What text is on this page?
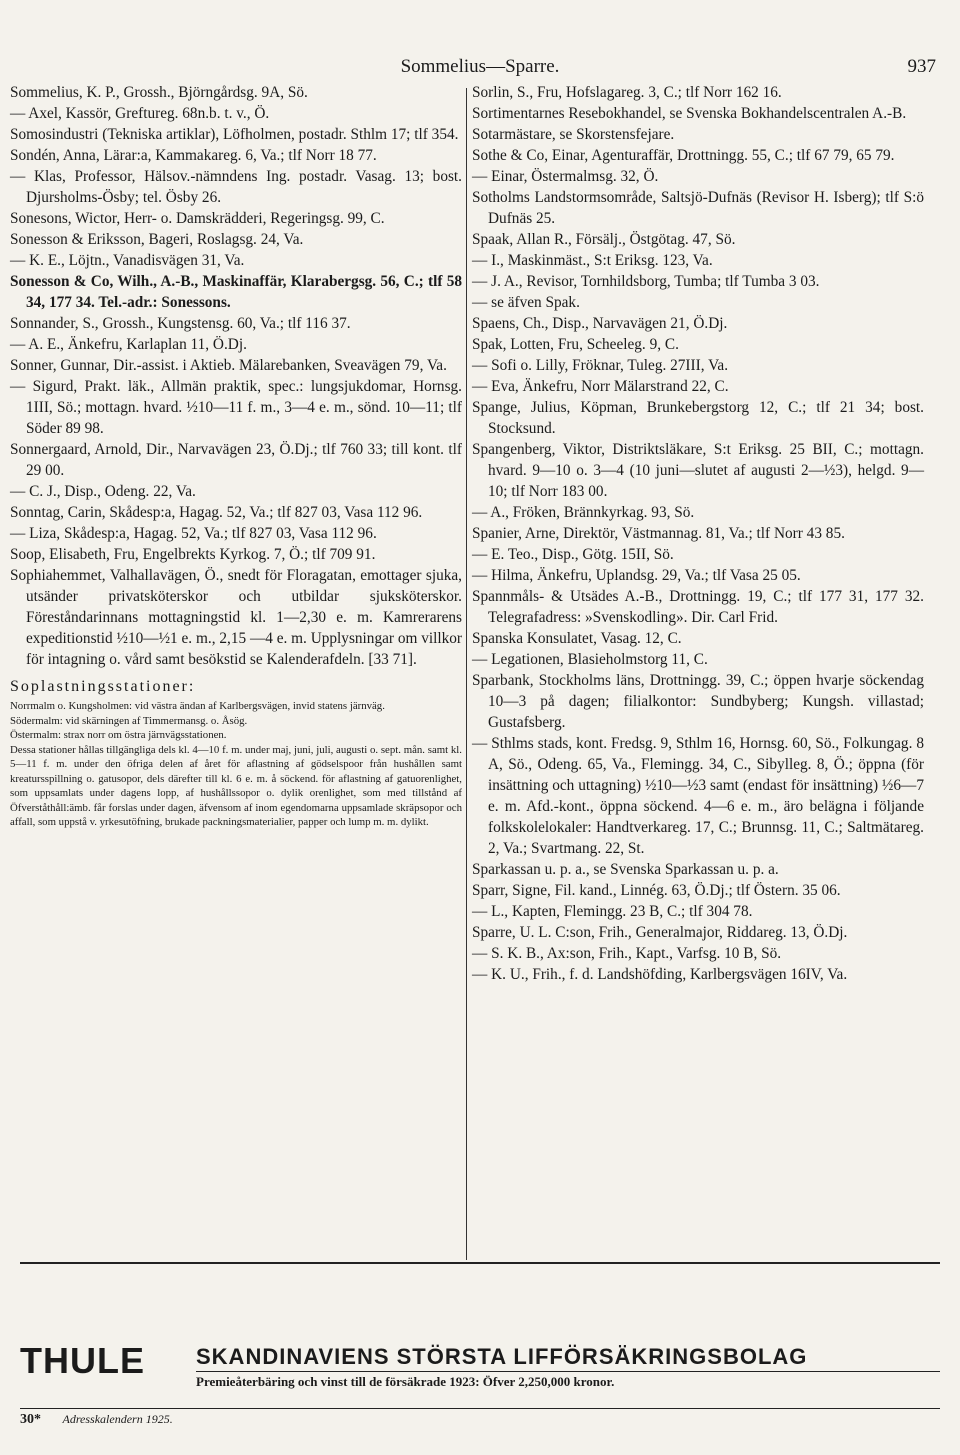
Sommelius—Sparre.	937

Sommelius, K. P., Grossh., Björngårdsg. 9A, Sö.

— Axel, Kassör, Greftureg. 68n.b. t. v., Ö.

Somosindustri (Tekniska artiklar), Löfholmen, postadr. Sthlm 17; tlf 354.

Sondén, Anna, Lärar:a, Kammakareg. 6, Va.; tlf Norr 18 77.

— Klas, Professor, Hälsov.-nämndens Ing. postadr. Vasag. 13; bost. Djursholms-Ösby; tel. Ösby 26.

Sonesons, Wictor, Herr- o. Damskrädderi, Regeringsg. 99, C.

Sonesson & Eriksson, Bageri, Roslagsg. 24, Va.

— K. E., Löjtn., Vanadisvägen 31, Va.

Sonesson & Co, Wilh., A.-B., Maskinaffär, Klarabergsg. 56, C.; tlf 58 34, 177 34. Tel.-adr.: Sonessons.

Sonnander, S., Grossh., Kungstensg. 60, Va.; tlf 116 37.

— A. E., Änkefru, Karlaplan 11, Ö.Dj.

Sonner, Gunnar, Dir.-assist. i Aktieb. Mälarebanken, Sveavägen 79, Va.

— Sigurd, Prakt. läk., Allmän praktik, spec.: lungsjukdomar, Hornsg. 1III, Sö.; mottagn. hvard. ½10—11 f. m., 3—4 e. m., sönd. 10—11; tlf Söder 89 98.

Sonnergaard, Arnold, Dir., Narvavägen 23, Ö.Dj.; tlf 760 33; till kont. tlf 29 00.

— C. J., Disp., Odeng. 22, Va.

Sonntag, Carin, Skådesp:a, Hagag. 52, Va.; tlf 827 03, Vasa 112 96.

— Liza, Skådesp:a, Hagag. 52, Va.; tlf 827 03, Vasa 112 96.

Soop, Elisabeth, Fru, Engelbrekts Kyrkog. 7, Ö.; tlf 709 91.

Sophiahemmet, Valhallavägen, Ö., snedt för Floragatan, emottager sjuka, utsänder privatsköterskor och utbildar sjuksköterskor. Föreståndarinnans mottagningstid kl. 1—2,30 e. m. Kamrerarens expeditionstid ½10—½1 e. m., 2,15 —4 e. m. Upplysningar om villkor för intagning o. vård samt besökstid se Kalenderafdeln. [33 71].

Soplastningsstationer:

Norrmalm o. Kungsholmen: vid västra ändan af Karlbergsvägen, invid statens järnväg.

Södermalm: vid skärningen af Timmermansg. o. Åsög.

Östermalm: strax norr om östra järnvägsstationen.

Dessa stationer hållas tillgängliga dels kl. 4—10 f. m. under maj, juni, juli, augusti o. sept. mån. samt kl. 5—11 f. m. under den öfriga delen af året för aflastning af gödselspoor från hushållen samt kreatursspillning o. gatusopor, dels därefter till kl. 6 e. m. å söckend. för aflastning af gatuorenlighet, som uppsamlats under dagens lopp, af hushållssopor o. dylik orenlighet, som med tillstånd af Öfverståthåll:ämb. får forslas under dagen, äfvensom af inom egendomarna uppsamlade skräpsopor och affall, som uppstå v. yrkesutöfning, brukade packningsmaterialier, papper och lump m. m. dylikt.

Sorlin, S., Fru, Hofslagareg. 3, C.; tlf Norr 162 16.

Sortimentarnes Resebokhandel, se Svenska Bokhandelscentralen A.-B.

Sotarmästare, se Skorstensfejare.

Sothe & Co, Einar, Agenturaffär, Drottningg. 55, C.; tlf 67 79, 65 79.

— Einar, Östermalmsg. 32, Ö.

Sotholms Landstormsområde, Saltsjö-Dufnäs (Revisor H. Isberg); tlf S:ö Dufnäs 25.

Spaak, Allan R., Försälj., Östgötag. 47, Sö.

— I., Maskinmäst., S:t Eriksg. 123, Va.

— J. A., Revisor, Tornhildsborg, Tumba; tlf Tumba 3 03.

— se äfven Spak.

Spaens, Ch., Disp., Narvavägen 21, Ö.Dj.

Spak, Lotten, Fru, Scheeleg. 9, C.

— Sofi o. Lilly, Fröknar, Tuleg. 27III, Va.

— Eva, Änkefru, Norr Mälarstrand 22, C.

Spange, Julius, Köpman, Brunkebergstorg 12, C.; tlf 21 34; bost. Stocksund.

Spangenberg, Viktor, Distriktsläkare, S:t Eriksg. 25 BII, C.; mottagn. hvard. 9—10 o. 3—4 (10 juni—slutet af augusti 2—½3), helgd. 9—10; tlf Norr 183 00.

— A., Fröken, Brännkyrkag. 93, Sö.

Spanier, Arne, Direktör, Västmannag. 81, Va.; tlf Norr 43 85.

— E. Teo., Disp., Götg. 15II, Sö.

— Hilma, Änkefru, Uplandsg. 29, Va.; tlf Vasa 25 05.

Spannmåls- & Utsädes A.-B., Drottningg. 19, C.; tlf 177 31, 177 32. Telegrafadress: »Svenskodling». Dir. Carl Frid.

Spanska Konsulatet, Vasag. 12, C.

— Legationen, Blasieholmstorg 11, C.

Sparbank, Stockholms läns, Drottningg. 39, C.; öppen hvarje söckendag 10—3 på dagen; filialkontor: Sundbyberg; Kungsh. villastad; Gustafsberg.

— Sthlms stads, kont. Fredsg. 9, Sthlm 16, Hornsg. 60, Sö., Folkungag. 8 A, Sö., Odeng. 65, Va., Flemingg. 34, C., Sibylleg. 8, Ö.; öppna (för insättning och uttagning) ½10—½3 samt (endast för insättning) ½6—7 e. m. Afd.-kont., öppna söckend. 4—6 e. m., äro belägna i följande folkskolelokaler: Handtverkareg. 17, C.; Brunnsg. 11, C.; Saltmätareg. 2, Va.; Svartmang. 22, St.

Sparkassan u. p. a., se Svenska Sparkassan u. p. a.

Sparr, Signe, Fil. kand., Linnég. 63, Ö.Dj.; tlf Östern. 35 06.

— L., Kapten, Flemingg. 23 B, C.; tlf 304 78.

Sparre, U. L. C:son, Frih., Generalmajor, Riddareg. 13, Ö.Dj.

— S. K. B., Ax:son, Frih., Kapt., Varfsg. 10 B, Sö.

— K. U., Frih., f. d. Landshöfding, Karlbergsvägen 16IV, Va.

THULE SKANDINAVIENS STÖRSTA LIFFÖRSÄKRINGSBOLAG
Premieåterbäring och vinst till de försäkrade 1923: Öfver 2,250,000 kronor.
30* Adresskalendern 1925.
